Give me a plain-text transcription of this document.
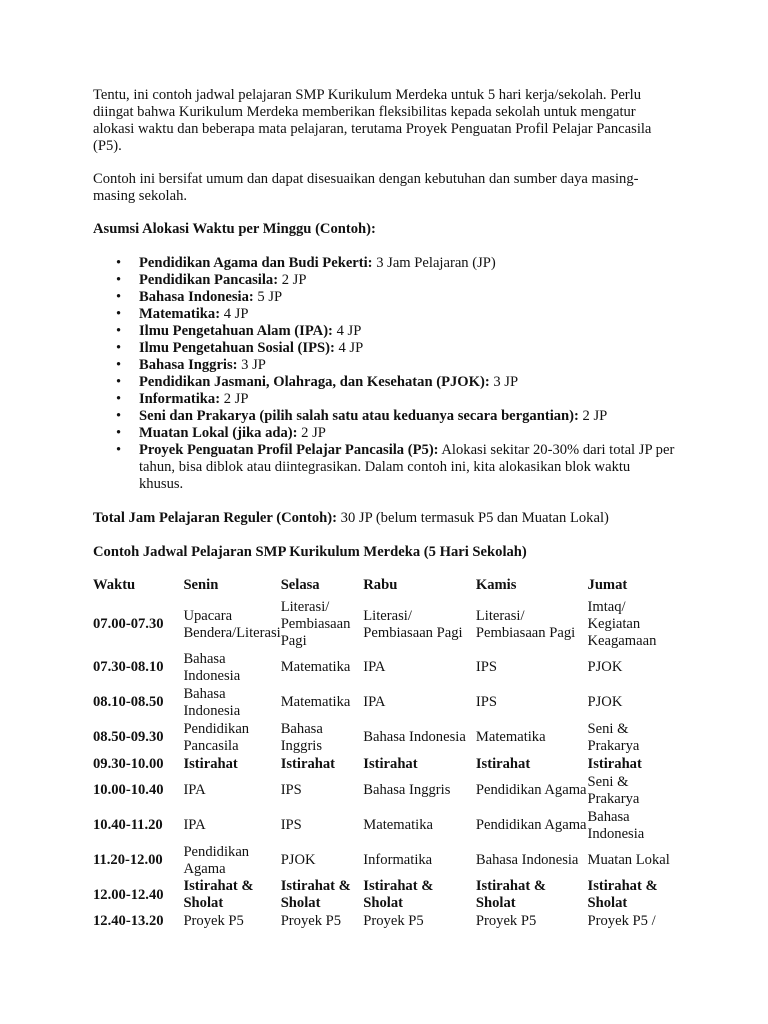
Tentu, ini contoh jadwal pelajaran SMP Kurikulum Merdeka untuk 5 hari kerja/sekolah. Perlu diingat bahwa Kurikulum Merdeka memberikan fleksibilitas kepada sekolah untuk mengatur alokasi waktu dan beberapa mata pelajaran, terutama Proyek Penguatan Profil Pelajar Pancasila (P5).

Contoh ini bersifat umum dan dapat disesuaikan dengan kebutuhan dan sumber daya masing-masing sekolah.

Asumsi Alokasi Waktu per Minggu (Contoh):

• Pendidikan Agama dan Budi Pekerti: 3 Jam Pelajaran (JP)
• Pendidikan Pancasila: 2 JP
• Bahasa Indonesia: 5 JP
• Matematika: 4 JP
• Ilmu Pengetahuan Alam (IPA): 4 JP
• Ilmu Pengetahuan Sosial (IPS): 4 JP
• Bahasa Inggris: 3 JP
• Pendidikan Jasmani, Olahraga, dan Kesehatan (PJOK): 3 JP
• Informatika: 2 JP
• Seni dan Prakarya (pilih salah satu atau keduanya secara bergantian): 2 JP
• Muatan Lokal (jika ada): 2 JP
• Proyek Penguatan Profil Pelajar Pancasila (P5): Alokasi sekitar 20-30% dari total JP per tahun, bisa diblok atau diintegrasikan. Dalam contoh ini, kita alokasikan blok waktu khusus.

Total Jam Pelajaran Reguler (Contoh): 30 JP (belum termasuk P5 dan Muatan Lokal)

Contoh Jadwal Pelajaran SMP Kurikulum Merdeka (5 Hari Sekolah)

Waktu	Senin	Selasa	Rabu	Kamis	Jumat
07.00-07.30	Upacara Bendera/Literasi	Literasi/ Pembiasaan Pagi	Literasi/ Pembiasaan Pagi	Literasi/ Pembiasaan Pagi	Imtaq/ Kegiatan Keagamaan
07.30-08.10	Bahasa Indonesia	Matematika	IPA	IPS	PJOK
08.10-08.50	Bahasa Indonesia	Matematika	IPA	IPS	PJOK
08.50-09.30	Pendidikan Pancasila	Bahasa Inggris	Bahasa Indonesia	Matematika	Seni & Prakarya
09.30-10.00	Istirahat	Istirahat	Istirahat	Istirahat	Istirahat
10.00-10.40	IPA	IPS	Bahasa Inggris	Pendidikan Agama	Seni & Prakarya
10.40-11.20	IPA	IPS	Matematika	Pendidikan Agama	Bahasa Indonesia
11.20-12.00	Pendidikan Agama	PJOK	Informatika	Bahasa Indonesia	Muatan Lokal
12.00-12.40	Istirahat & Sholat	Istirahat & Sholat	Istirahat & Sholat	Istirahat & Sholat	Istirahat & Sholat
12.40-13.20	Proyek P5	Proyek P5	Proyek P5	Proyek P5	Proyek P5 /
